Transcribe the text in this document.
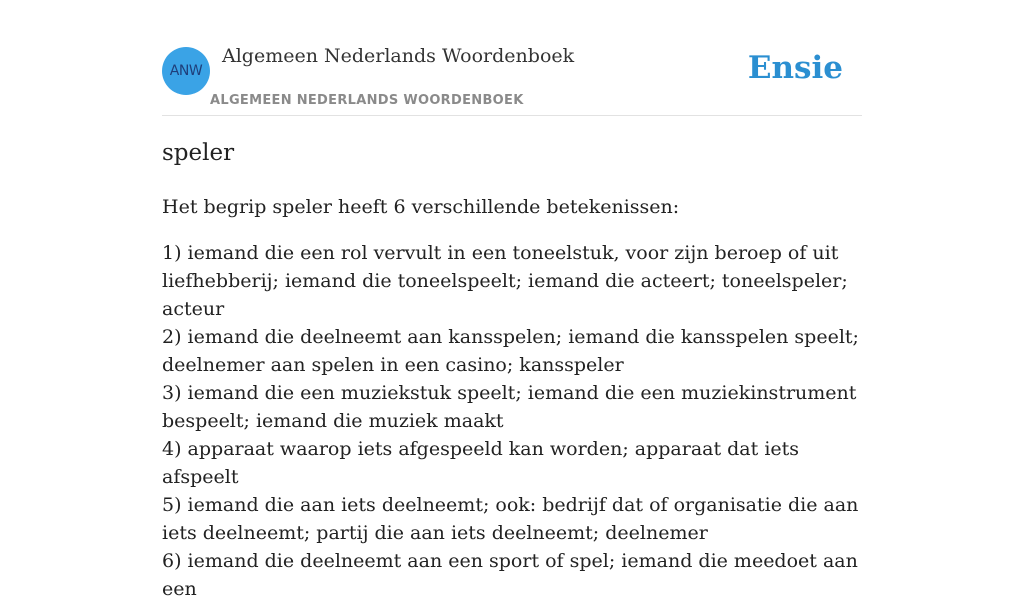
ANW
Algemeen Nederlands Woordenboek
ALGEMEEN NEDERLANDS WOORDENBOEK
Ensie
speler

Het begrip speler heeft 6 verschillende betekenissen:

1) iemand die een rol vervult in een toneelstuk, voor zijn beroep of uit liefhebberij; iemand die toneelspeelt; iemand die acteert; toneelspeler; acteur
2) iemand die deelneemt aan kansspelen; iemand die kansspelen speelt; deelnemer aan spelen in een casino; kansspeler
3) iemand die een muziekstuk speelt; iemand die een muziekinstrument bespeelt; iemand die muziek maakt
4) apparaat waarop iets afgespeeld kan worden; apparaat dat iets afspeelt
5) iemand die aan iets deelneemt; ook: bedrijf dat of organisatie die aan iets deelneemt; partij die aan iets deelneemt; deelnemer
6) iemand die deelneemt aan een sport of spel; iemand die meedoet aan een
